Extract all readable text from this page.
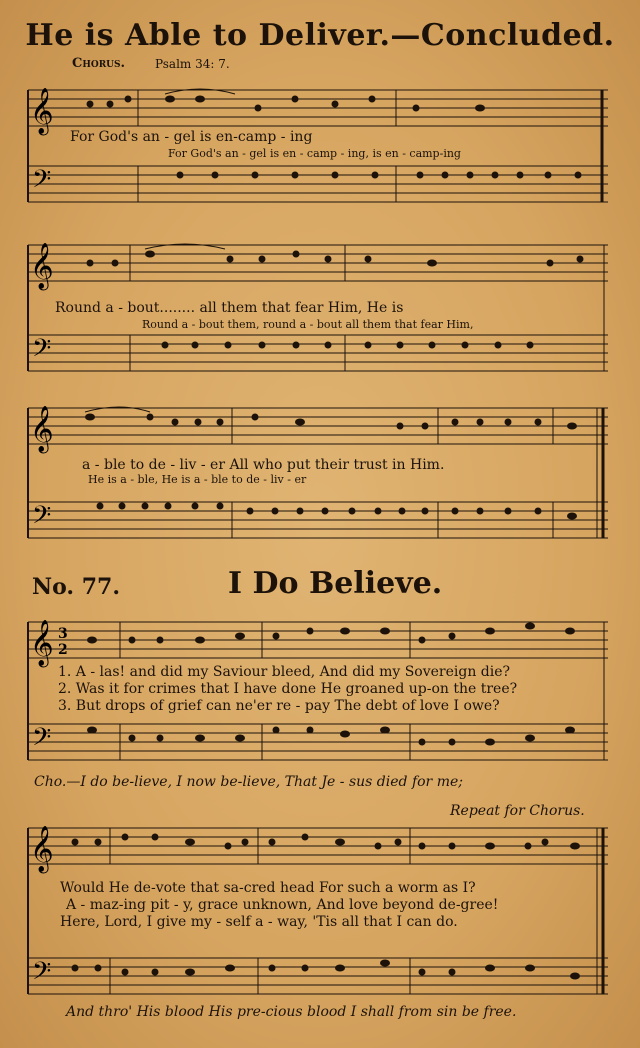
He is Able to Deliver.—Concluded.
Chorus. Psalm 34: 7.
𝄞
𝄢
For God's an - gel is en-camp - ing
For God's an - gel is en - camp - ing, is en - camp-ing
𝄞
𝄢
Round a - bout........ all them that fear Him, He is
Round a - bout them, round a - bout all them that fear Him,
𝄞
𝄢
a - ble to de - liv - er All who put their trust in Him.
He is a - ble, He is a - ble to de - liv - er
No. 77.	I Do Believe.
𝄞
𝄢
3
2
1. A - las! and did my Saviour bleed, And did my Sovereign die?
2. Was it for crimes that I have done He groaned up-on the tree?
3. But drops of grief can ne'er re - pay The debt of love I owe?
Cho.—I do be-lieve, I now be-lieve, That Je - sus died for me;
Repeat for Chorus.
𝄞
𝄢
Would He de-vote that sa-cred head For such a worm as I?
A - maz-ing pit - y, grace unknown, And love beyond de-gree!
Here, Lord, I give my - self a - way, 'Tis all that I can do.
And thro' His blood His pre-cious blood I shall from sin be free.
